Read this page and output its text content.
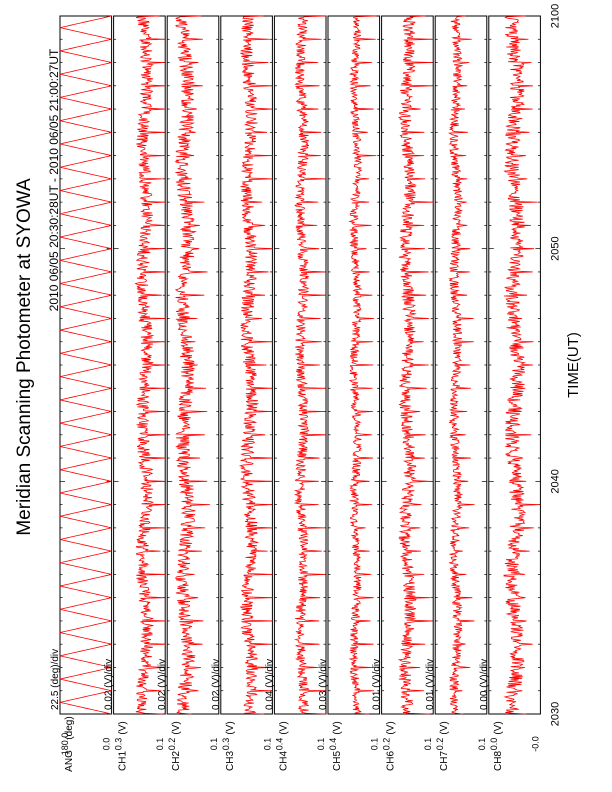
Meridian Scanning Photometer at SYOWA 2010 06/05 20:30:28UT - 2010 06/05 21:00:27UT
TIME(UT)
ANG
(deg)
0.0
180.0
22.5 (deg)/div
CH1
(V)
0.1
0.3
0.02 (V)/div
CH2
(V)
0.1
0.2
0.02 (V)/div
CH3
(V)
0.1
0.3
0.02 (V)/div
CH4
(V)
0.1
0.4
0.04 (V)/div
CH5
(V)
0.1
0.4
0.03 (V)/div
CH6
(V)
0.1
0.2
0.01 (V)/div
CH7
(V)
0.1
0.2
0.01 (V)/div
CH8
(V)
-0.0
0.0
0.00 (V)/div
2030
2040
2050
2100
